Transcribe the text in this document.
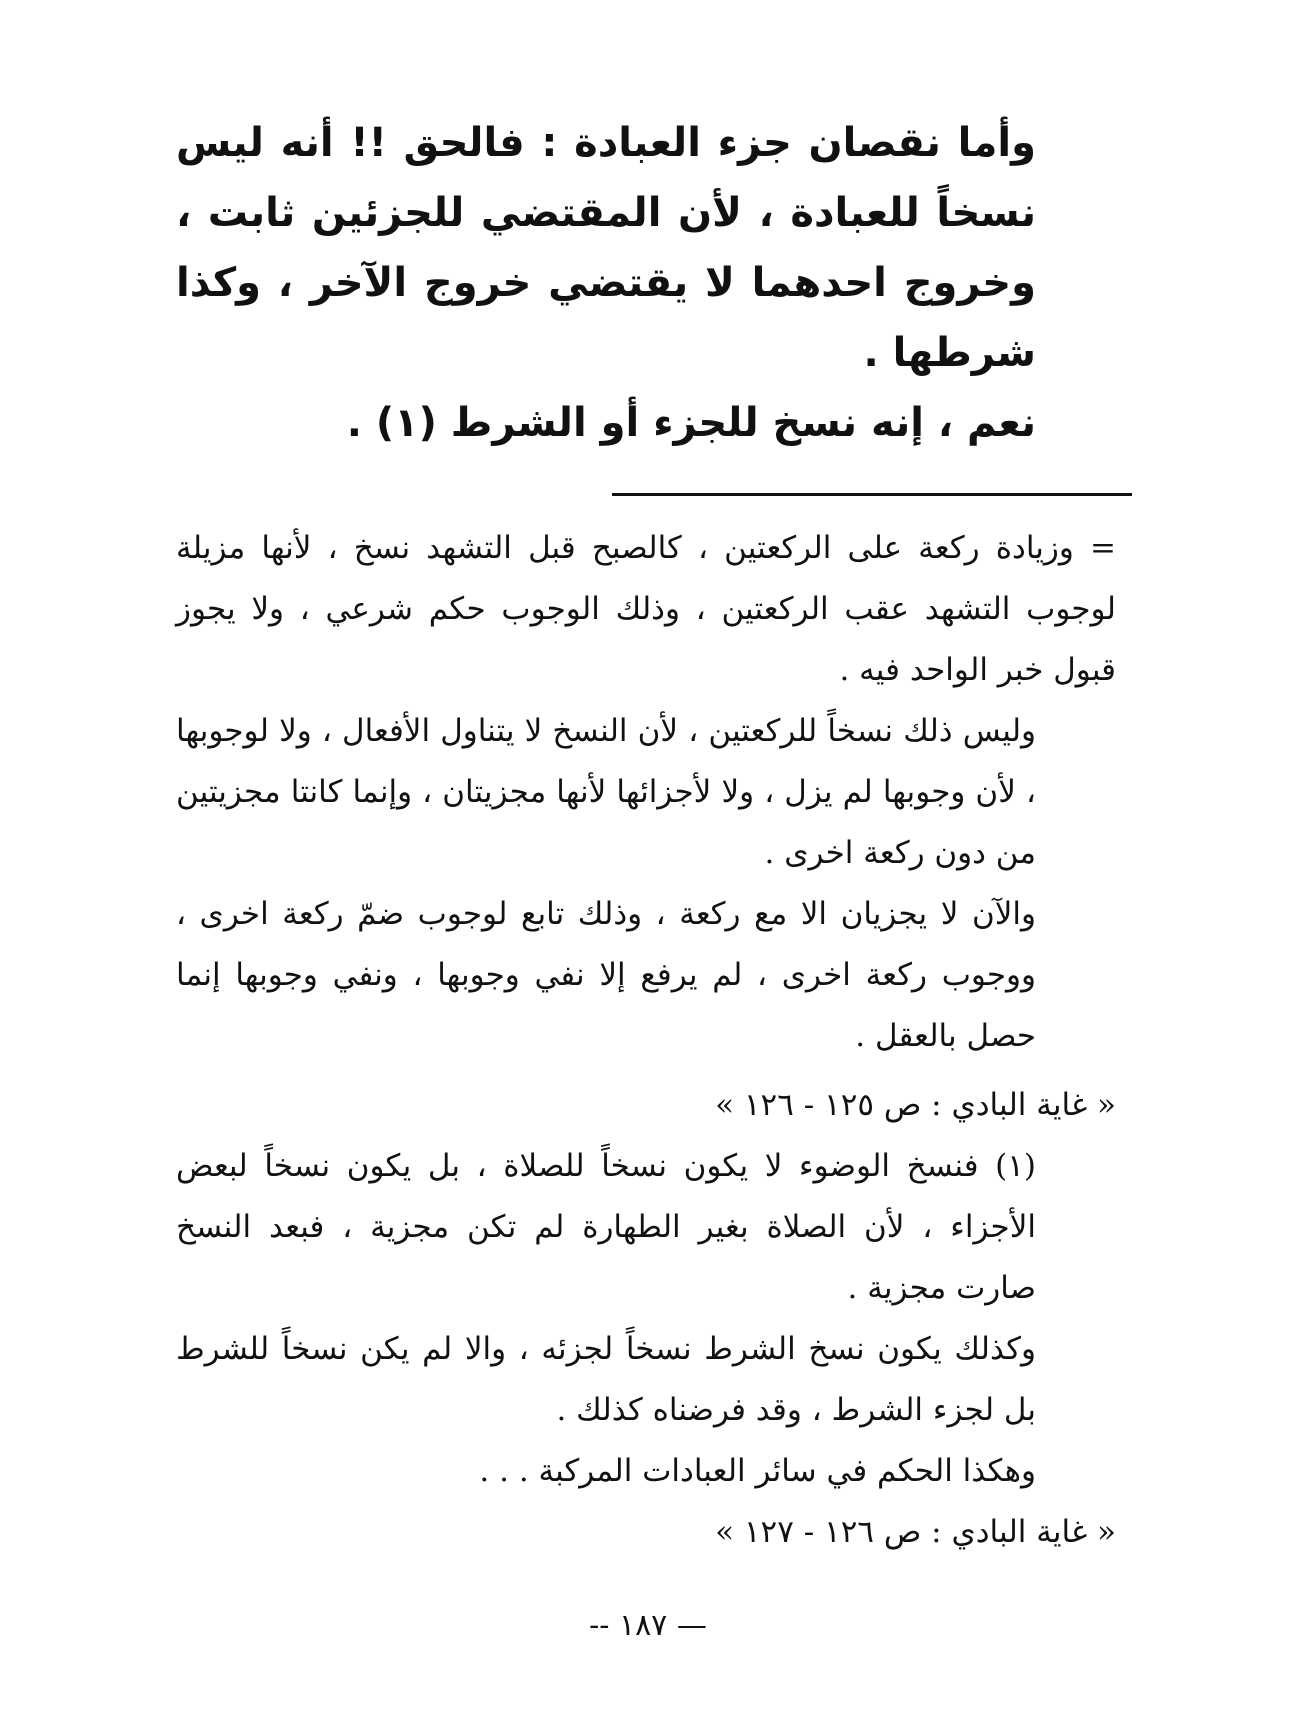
وأما نقصان جزء العبادة : فالحق !! أنه ليس نسخاً للعبادة ، لأن المقتضي للجزئين ثابت ، وخروج احدهما لا يقتضي خروج الآخر ، وكذا شرطها .

نعم ، إنه نسخ للجزء أو الشرط (١) .

= وزيادة ركعة على الركعتين ، كالصبح قبل التشهد نسخ ، لأنها مزيلة لوجوب التشهد عقب الركعتين ، وذلك الوجوب حكم شرعي ، ولا يجوز قبول خبر الواحد فيه .

وليس ذلك نسخاً للركعتين ، لأن النسخ لا يتناول الأفعال ، ولا لوجوبها ، لأن وجوبها لم يزل ، ولا لأجزائها لأنها مجزيتان ، وإنما كانتا مجزيتين من دون ركعة اخرى .

والآن لا يجزيان الا مع ركعة ، وذلك تابع لوجوب ضمّ ركعة اخرى ، ووجوب ركعة اخرى ، لم يرفع إلا نفي وجوبها ، ونفي وجوبها إنما حصل بالعقل .

« غاية البادي : ص ١٢٥ - ١٢٦ »

(١) فنسخ الوضوء لا يكون نسخاً للصلاة ، بل يكون نسخاً لبعض الأجزاء ، لأن الصلاة بغير الطهارة لم تكن مجزية ، فبعد النسخ صارت مجزية .

وكذلك يكون نسخ الشرط نسخاً لجزئه ، والا لم يكن نسخاً للشرط بل لجزء الشرط ، وقد فرضناه كذلك .

وهكذا الحكم في سائر العبادات المركبة . . .

« غاية البادي : ص ١٢٦ - ١٢٧ »

— ١٨٧ --
